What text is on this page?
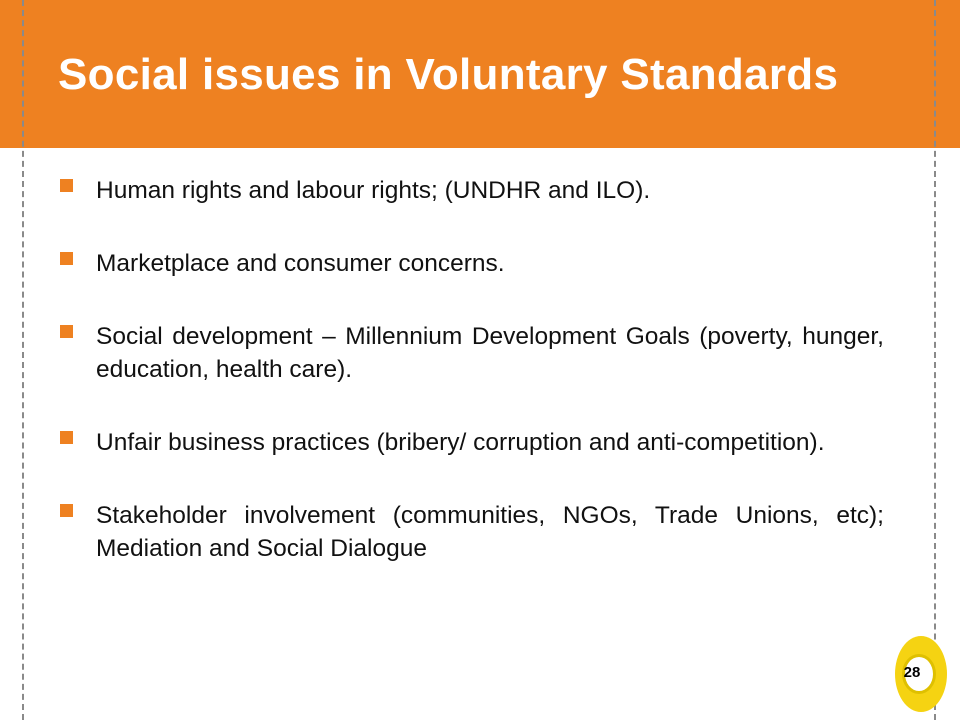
Social issues in Voluntary Standards
Human rights and labour rights; (UNDHR and ILO).
Marketplace and consumer concerns.
Social development – Millennium Development Goals (poverty, hunger, education, health care).
Unfair business practices (bribery/ corruption and anti-competition).
Stakeholder involvement (communities, NGOs, Trade Unions, etc); Mediation and Social Dialogue
28
